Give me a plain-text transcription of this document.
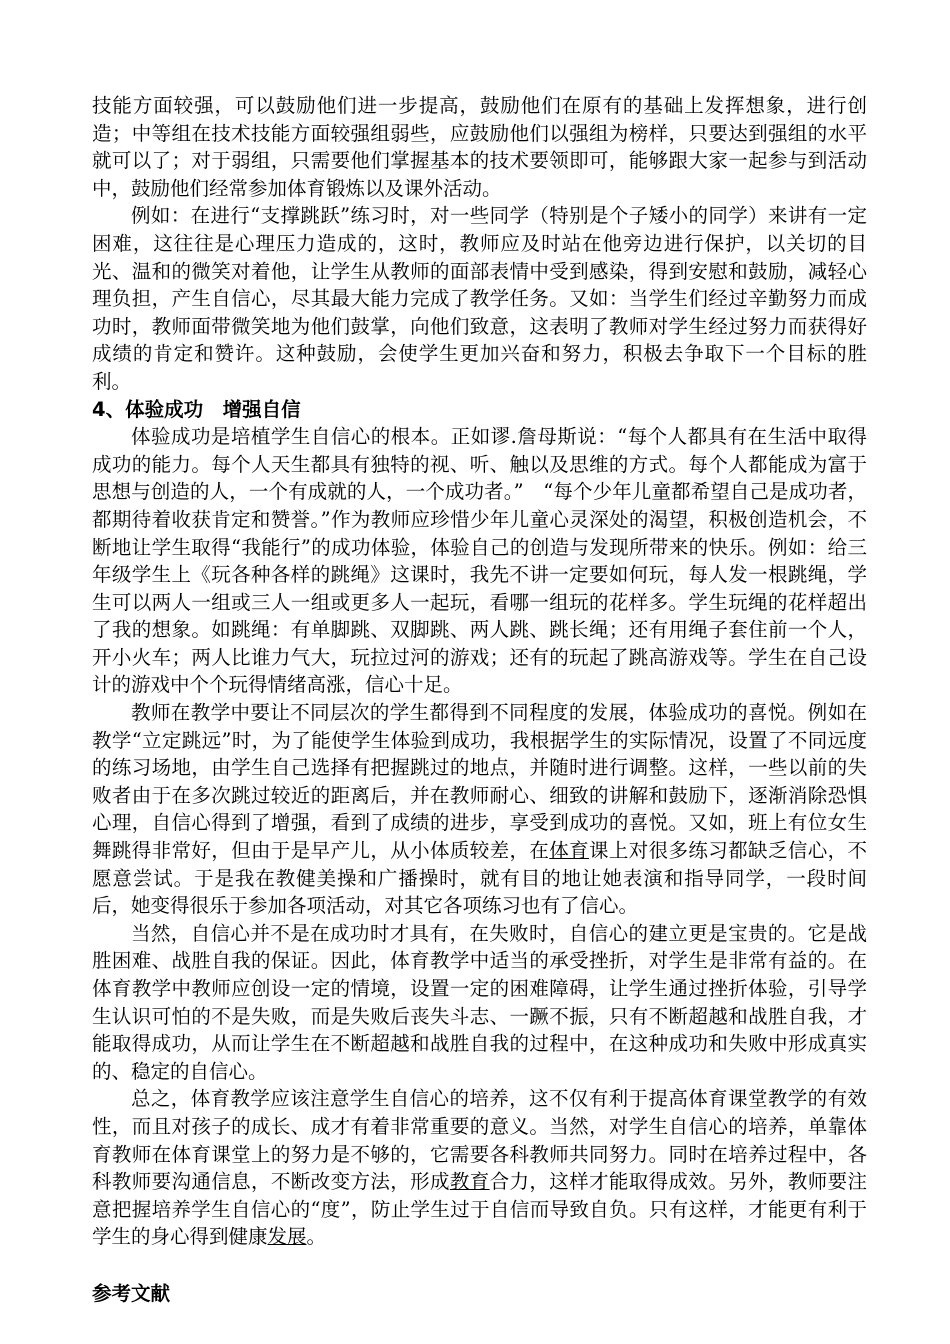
技能方面较强，可以鼓励他们进一步提高，鼓励他们在原有的基础上发挥想象，进行创造；中等组在技术技能方面较强组弱些，应鼓励他们以强组为榜样，只要达到强组的水平就可以了；对于弱组，只需要他们掌握基本的技术要领即可，能够跟大家一起参与到活动中，鼓励他们经常参加体育锻炼以及课外活动。

例如：在进行“支撑跳跃”练习时，对一些同学（特别是个子矮小的同学）来讲有一定困难，这往往是心理压力造成的，这时，教师应及时站在他旁边进行保护，以关切的目光、温和的微笑对着他，让学生从教师的面部表情中受到感染，得到安慰和鼓励，减轻心理负担，产生自信心，尽其最大能力完成了教学任务。又如：当学生们经过辛勤努力而成功时，教师面带微笑地为他们鼓掌，向他们致意，这表明了教师对学生经过努力而获得好成绩的肯定和赞许。这种鼓励，会使学生更加兴奋和努力，积极去争取下一个目标的胜利。

4、体验成功　增强自信

体验成功是培植学生自信心的根本。正如谬.詹母斯说：“每个人都具有在生活中取得成功的能力。每个人天生都具有独特的视、听、触以及思维的方式。每个人都能成为富于思想与创造的人，一个有成就的人，一个成功者。”　“每个少年儿童都希望自己是成功者，都期待着收获肯定和赞誉。”作为教师应珍惜少年儿童心灵深处的渴望，积极创造机会，不断地让学生取得“我能行”的成功体验，体验自己的创造与发现所带来的快乐。例如：给三年级学生上《玩各种各样的跳绳》这课时，我先不讲一定要如何玩，每人发一根跳绳，学生可以两人一组或三人一组或更多人一起玩，看哪一组玩的花样多。学生玩绳的花样超出了我的想象。如跳绳：有单脚跳、双脚跳、两人跳、跳长绳；还有用绳子套住前一个人，开小火车；两人比谁力气大，玩拉过河的游戏；还有的玩起了跳高游戏等。学生在自己设计的游戏中个个玩得情绪高涨，信心十足。

教师在教学中要让不同层次的学生都得到不同程度的发展，体验成功的喜悦。例如在教学“立定跳远”时，为了能使学生体验到成功，我根据学生的实际情况，设置了不同远度的练习场地，由学生自己选择有把握跳过的地点，并随时进行调整。这样，一些以前的失败者由于在多次跳过较近的距离后，并在教师耐心、细致的讲解和鼓励下，逐渐消除恐惧心理，自信心得到了增强，看到了成绩的进步，享受到成功的喜悦。又如，班上有位女生舞跳得非常好，但由于是早产儿，从小体质较差，在体育课上对很多练习都缺乏信心，不愿意尝试。于是我在教健美操和广播操时，就有目的地让她表演和指导同学，一段时间后，她变得很乐于参加各项活动，对其它各项练习也有了信心。

当然，自信心并不是在成功时才具有，在失败时，自信心的建立更是宝贵的。它是战胜困难、战胜自我的保证。因此，体育教学中适当的承受挫折，对学生是非常有益的。在体育教学中教师应创设一定的情境，设置一定的困难障碍，让学生通过挫折体验，引导学生认识可怕的不是失败，而是失败后丧失斗志、一蹶不振，只有不断超越和战胜自我，才能取得成功，从而让学生在不断超越和战胜自我的过程中，在这种成功和失败中形成真实的、稳定的自信心。

总之，体育教学应该注意学生自信心的培养，这不仅有利于提高体育课堂教学的有效性，而且对孩子的成长、成才有着非常重要的意义。当然，对学生自信心的培养，单靠体育教师在体育课堂上的努力是不够的，它需要各科教师共同努力。同时在培养过程中，各科教师要沟通信息，不断改变方法，形成教育合力，这样才能取得成效。另外，教师要注意把握培养学生自信心的“度”，防止学生过于自信而导致自负。只有这样，才能更有利于学生的身心得到健康发展。

参考文献
